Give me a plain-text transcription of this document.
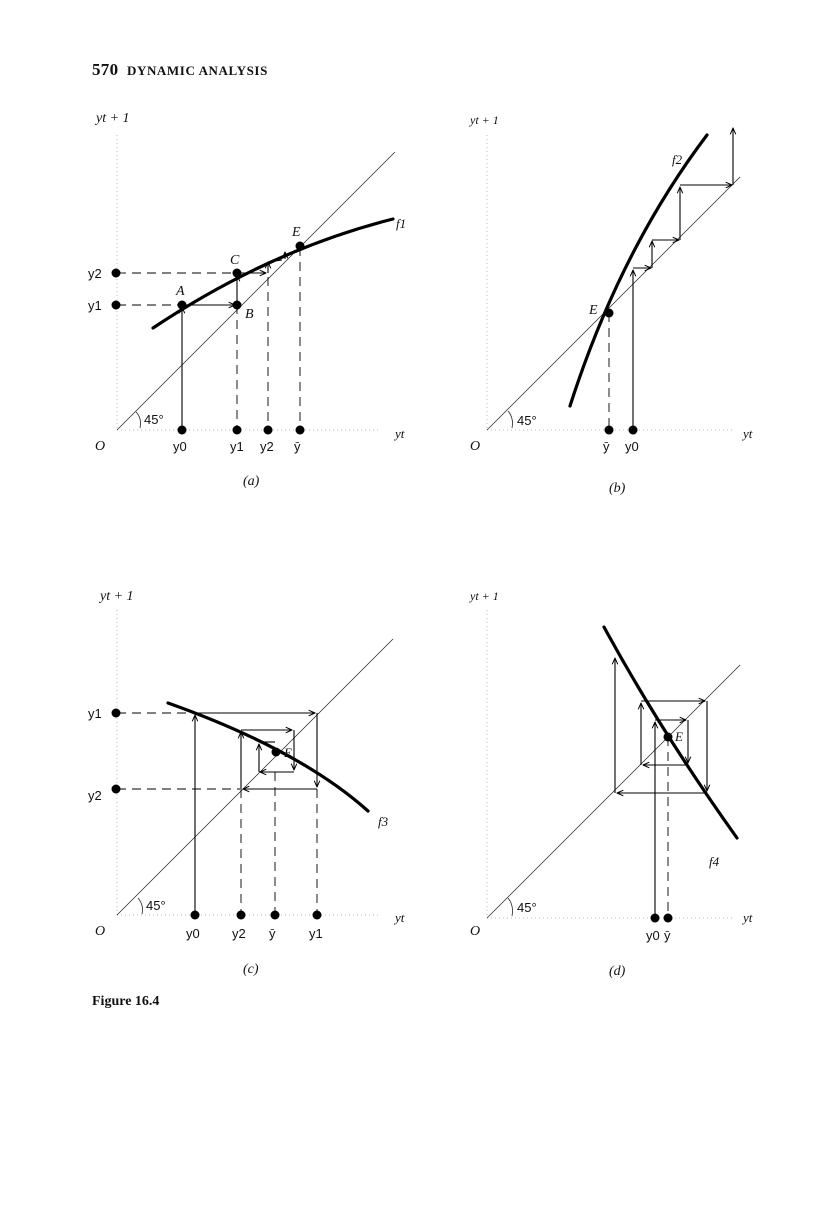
570 DYNAMIC ANALYSIS
yt + 1
yt
O
45°
f1
A
B
C
E
y2
y1
y0	y1 y2 ȳ
(a)
yt + 1
yt
O
45°
f2
E
ȳ y0
(b)
yt + 1
yt
O
45°
f3
E
y1
y2
y0 y2 ȳ	y1
(c)
yt + 1
yt
O
45°
f4
E
y0 ȳ
(d)
Figure 16.4
